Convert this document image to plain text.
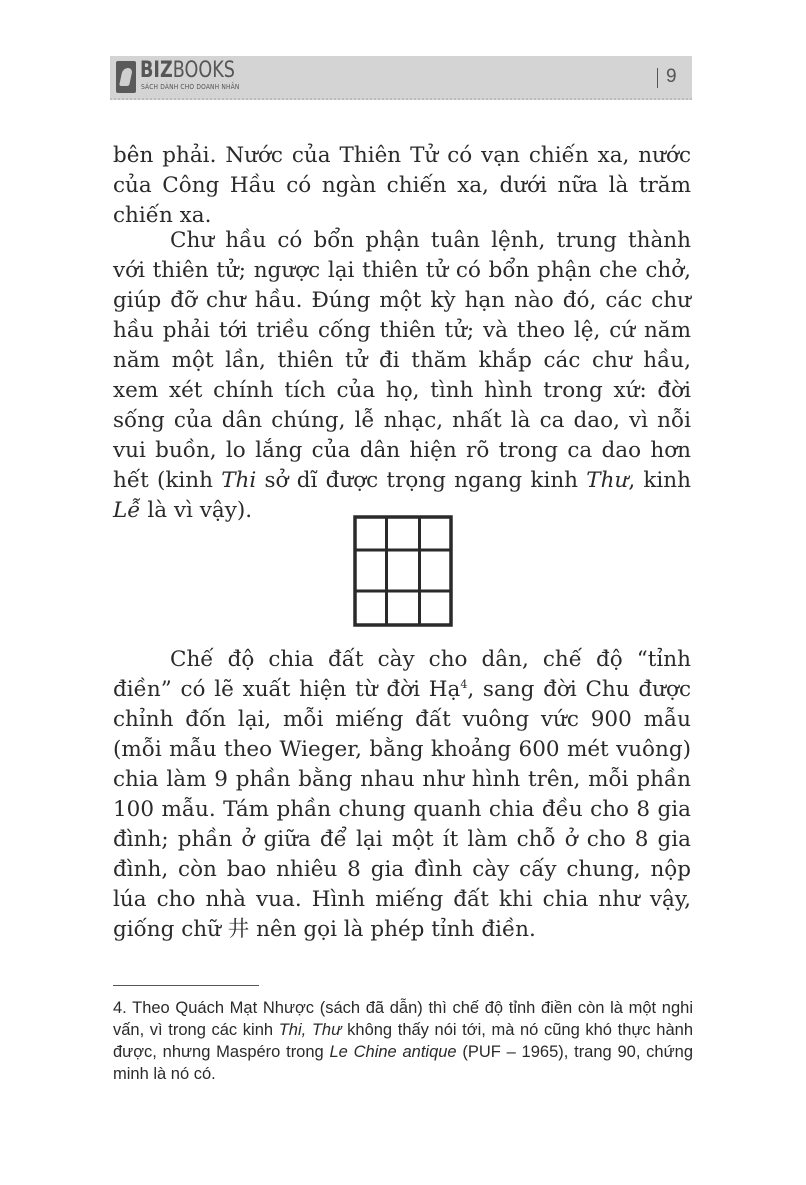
BIZBOOKS
SÁCH DÀNH CHO DOANH NHÂN	9

bên phải. Nước của Thiên Tử có vạn chiến xa, nước của Công Hầu có ngàn chiến xa, dưới nữa là trăm chiến xa.

Chư hầu có bổn phận tuân lệnh, trung thành với thiên tử; ngược lại thiên tử có bổn phận che chở, giúp đỡ chư hầu. Đúng một kỳ hạn nào đó, các chư hầu phải tới triều cống thiên tử; và theo lệ, cứ năm năm một lần, thiên tử đi thăm khắp các chư hầu, xem xét chính tích của họ, tình hình trong xứ: đời sống của dân chúng, lễ nhạc, nhất là ca dao, vì nỗi vui buồn, lo lắng của dân hiện rõ trong ca dao hơn hết (kinh Thi sở dĩ được trọng ngang kinh Thư, kinh Lễ là vì vậy).

Chế độ chia đất cày cho dân, chế độ “tỉnh điền” có lẽ xuất hiện từ đời Hạ$^4$, sang đời Chu được chỉnh đốn lại, mỗi miếng đất vuông vức 900 mẫu (mỗi mẫu theo Wieger, bằng khoảng 600 mét vuông) chia làm 9 phần bằng nhau như hình trên, mỗi phần 100 mẫu. Tám phần chung quanh chia đều cho 8 gia đình; phần ở giữa để lại một ít làm chỗ ở cho 8 gia đình, còn bao nhiêu 8 gia đình cày cấy chung, nộp lúa cho nhà vua. Hình miếng đất khi chia như vậy, giống chữ 井 nên gọi là phép tỉnh điền.

4. Theo Quách Mạt Nhược (sách đã dẫn) thì chế độ tỉnh điền còn là một nghi vấn, vì trong các kinh Thi, Thư không thấy nói tới, mà nó cũng khó thực hành được, nhưng Maspéro trong Le Chine antique (PUF – 1965), trang 90, chứng minh là nó có.
